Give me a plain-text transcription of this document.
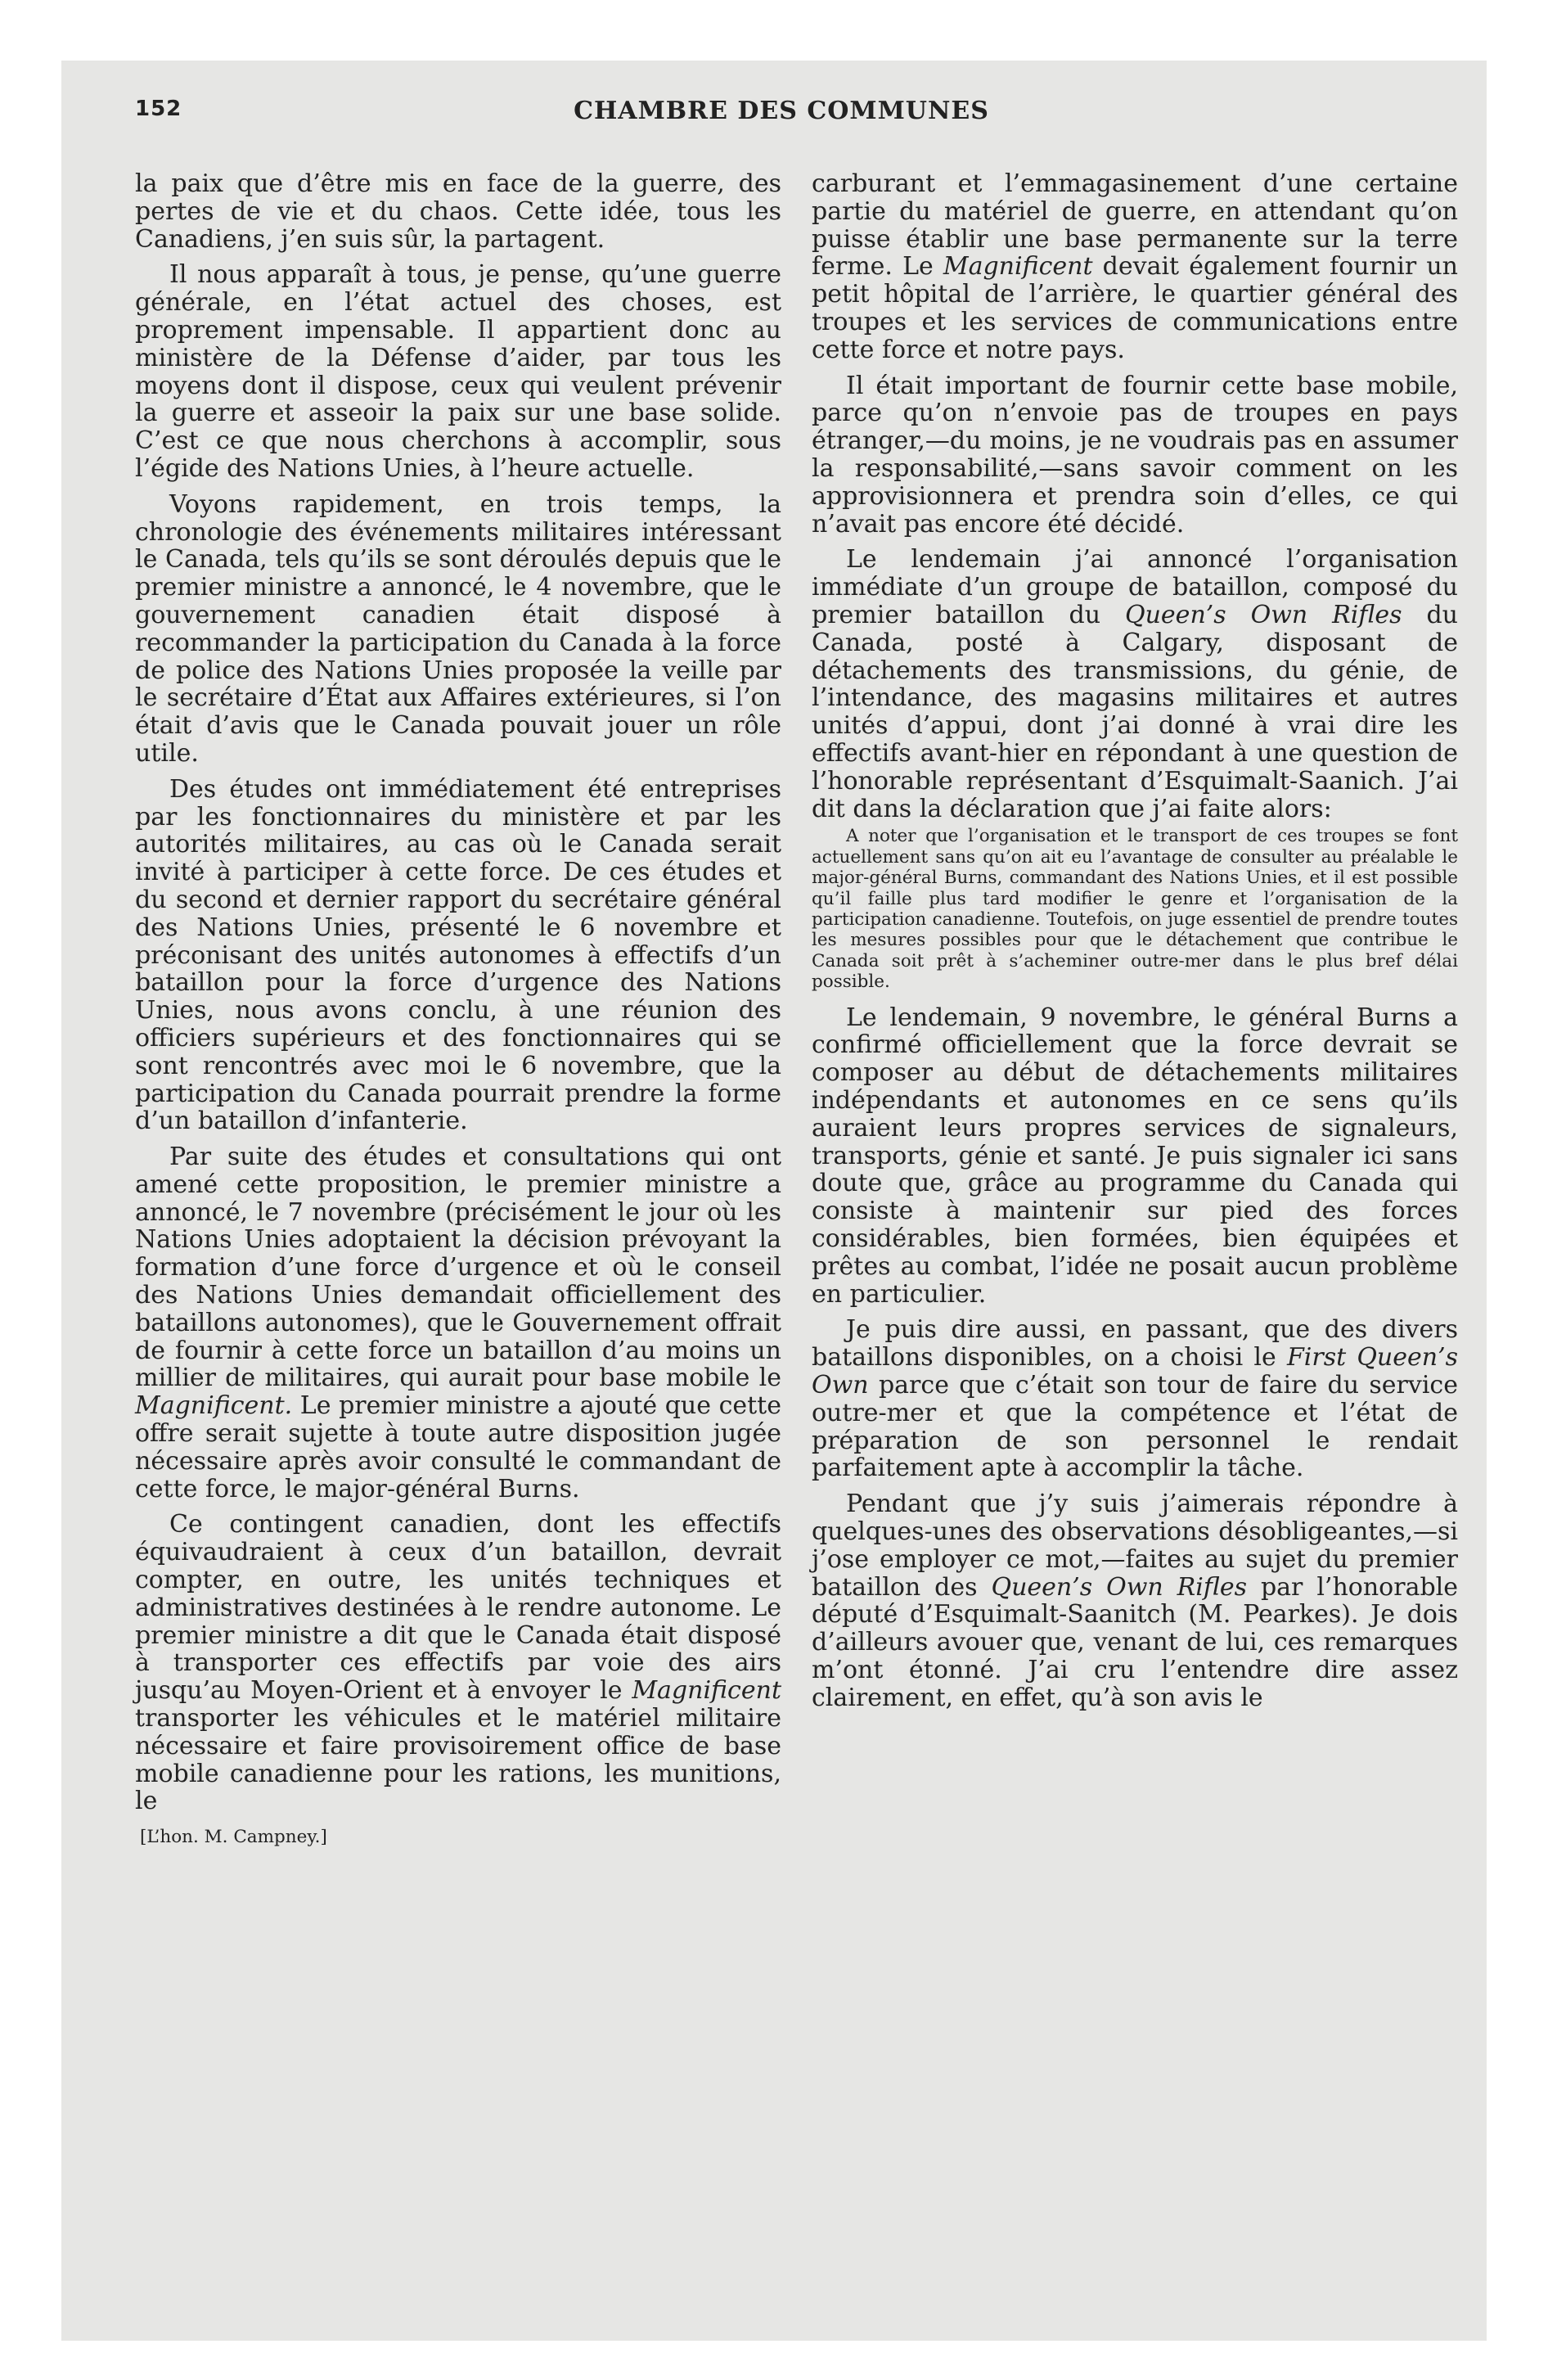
152	CHAMBRE DES COMMUNES

la paix que d’être mis en face de la guerre, des pertes de vie et du chaos. Cette idée, tous les Canadiens, j’en suis sûr, la partagent.

Il nous apparaît à tous, je pense, qu’une guerre générale, en l’état actuel des choses, est proprement impensable. Il appartient donc au ministère de la Défense d’aider, par tous les moyens dont il dispose, ceux qui veulent prévenir la guerre et asseoir la paix sur une base solide. C’est ce que nous cherchons à accomplir, sous l’égide des Nations Unies, à l’heure actuelle.

Voyons rapidement, en trois temps, la chronologie des événements militaires intéressant le Canada, tels qu’ils se sont déroulés depuis que le premier ministre a annoncé, le 4 novembre, que le gouvernement canadien était disposé à recommander la participation du Canada à la force de police des Nations Unies proposée la veille par le secrétaire d’État aux Affaires extérieures, si l’on était d’avis que le Canada pouvait jouer un rôle utile.

Des études ont immédiatement été entreprises par les fonctionnaires du ministère et par les autorités militaires, au cas où le Canada serait invité à participer à cette force. De ces études et du second et dernier rapport du secrétaire général des Nations Unies, présenté le 6 novembre et préconisant des unités autonomes à effectifs d’un bataillon pour la force d’urgence des Nations Unies, nous avons conclu, à une réunion des officiers supérieurs et des fonctionnaires qui se sont rencontrés avec moi le 6 novembre, que la participation du Canada pourrait prendre la forme d’un bataillon d’infanterie.

Par suite des études et consultations qui ont amené cette proposition, le premier ministre a annoncé, le 7 novembre (précisément le jour où les Nations Unies adoptaient la décision prévoyant la formation d’une force d’urgence et où le conseil des Nations Unies demandait officiellement des bataillons autonomes), que le Gouvernement offrait de fournir à cette force un bataillon d’au moins un millier de militaires, qui aurait pour base mobile le Magnificent. Le premier ministre a ajouté que cette offre serait sujette à toute autre disposition jugée nécessaire après avoir consulté le commandant de cette force, le major-général Burns.

Ce contingent canadien, dont les effectifs équivaudraient à ceux d’un bataillon, devrait compter, en outre, les unités techniques et administratives destinées à le rendre autonome. Le premier ministre a dit que le Canada était disposé à transporter ces effectifs par voie des airs jusqu’au Moyen-Orient et à envoyer le Magnificent transporter les véhicules et le matériel militaire nécessaire et faire provisoirement office de base mobile canadienne pour les rations, les munitions, le

[L’hon. M. Campney.]

carburant et l’emmagasinement d’une certaine partie du matériel de guerre, en attendant qu’on puisse établir une base permanente sur la terre ferme. Le Magnificent devait également fournir un petit hôpital de l’arrière, le quartier général des troupes et les services de communications entre cette force et notre pays.

Il était important de fournir cette base mobile, parce qu’on n’envoie pas de troupes en pays étranger,—du moins, je ne voudrais pas en assumer la responsabilité,—sans savoir comment on les approvisionnera et prendra soin d’elles, ce qui n’avait pas encore été décidé.

Le lendemain j’ai annoncé l’organisation immédiate d’un groupe de bataillon, composé du premier bataillon du Queen’s Own Rifles du Canada, posté à Calgary, disposant de détachements des transmissions, du génie, de l’intendance, des magasins militaires et autres unités d’appui, dont j’ai donné à vrai dire les effectifs avant-hier en répondant à une question de l’honorable représentant d’Esquimalt-Saanich. J’ai dit dans la déclaration que j’ai faite alors:

A noter que l’organisation et le transport de ces troupes se font actuellement sans qu’on ait eu l’avantage de consulter au préalable le major-général Burns, commandant des Nations Unies, et il est possible qu’il faille plus tard modifier le genre et l’organisation de la participation canadienne. Toutefois, on juge essentiel de prendre toutes les mesures possibles pour que le détachement que contribue le Canada soit prêt à s’acheminer outre-mer dans le plus bref délai possible.

Le lendemain, 9 novembre, le général Burns a confirmé officiellement que la force devrait se composer au début de détachements militaires indépendants et autonomes en ce sens qu’ils auraient leurs propres services de signaleurs, transports, génie et santé. Je puis signaler ici sans doute que, grâce au programme du Canada qui consiste à maintenir sur pied des forces considérables, bien formées, bien équipées et prêtes au combat, l’idée ne posait aucun problème en particulier.

Je puis dire aussi, en passant, que des divers bataillons disponibles, on a choisi le First Queen’s Own parce que c’était son tour de faire du service outre-mer et que la compétence et l’état de préparation de son personnel le rendait parfaitement apte à accomplir la tâche.

Pendant que j’y suis j’aimerais répondre à quelques-unes des observations désobligeantes,—si j’ose employer ce mot,—faites au sujet du premier bataillon des Queen’s Own Rifles par l’honorable député d’Esquimalt-Saanitch (M. Pearkes). Je dois d’ailleurs avouer que, venant de lui, ces remarques m’ont étonné. J’ai cru l’entendre dire assez clairement, en effet, qu’à son avis le
